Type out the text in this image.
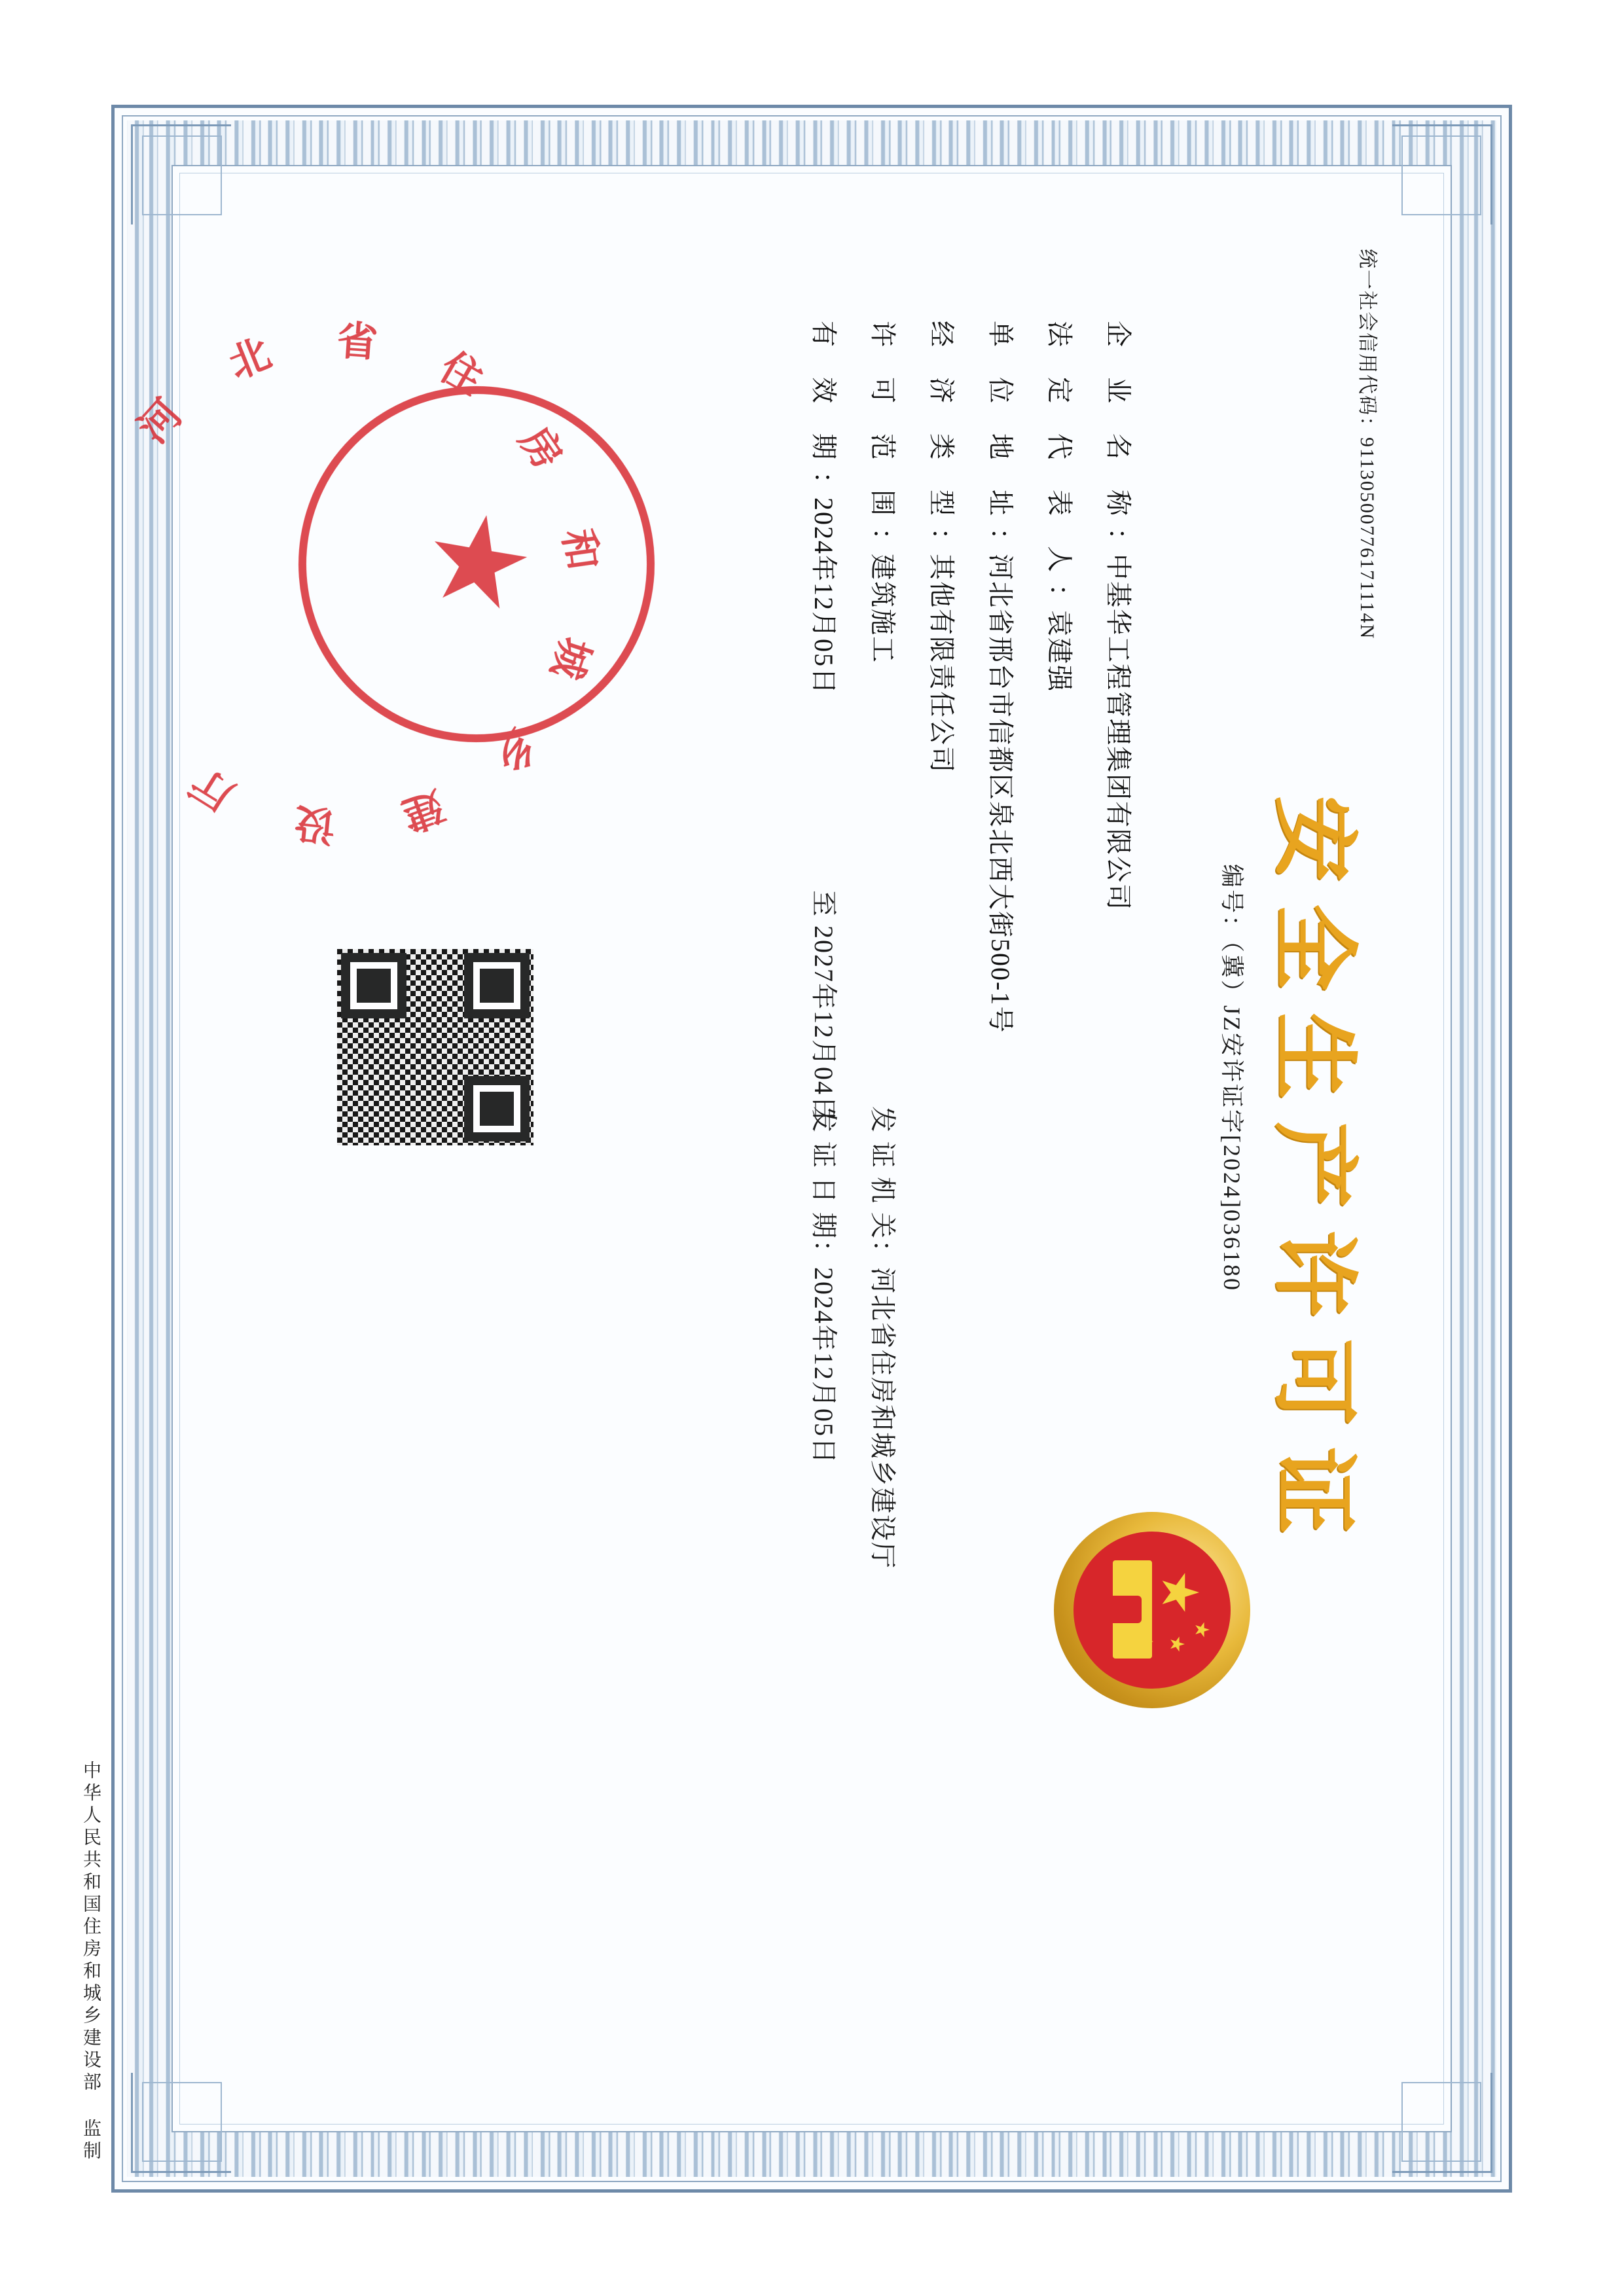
安全生产许可证
编号：（冀）JZ安许证字[2024]036180
统一社会信用代码：91130500776171114N
企 业 名 称：中基华工程管理集团有限公司
法 定 代 表 人：袁建强
单 位 地 址：河北省邢台市信都区泉北西大街500-1号
经 济 类 型：其他有限责任公司
许 可 范 围：建筑施工
有 效 期：2024年12月05日
至 2027年12月04日
发 证 机 关：河北省住房和城乡建设厅
发 证 日 期：2024年12月05日
河
北 省
住
房
和
城
乡
建
设
厅
中华人民共和国住房和城乡建设部 监制
